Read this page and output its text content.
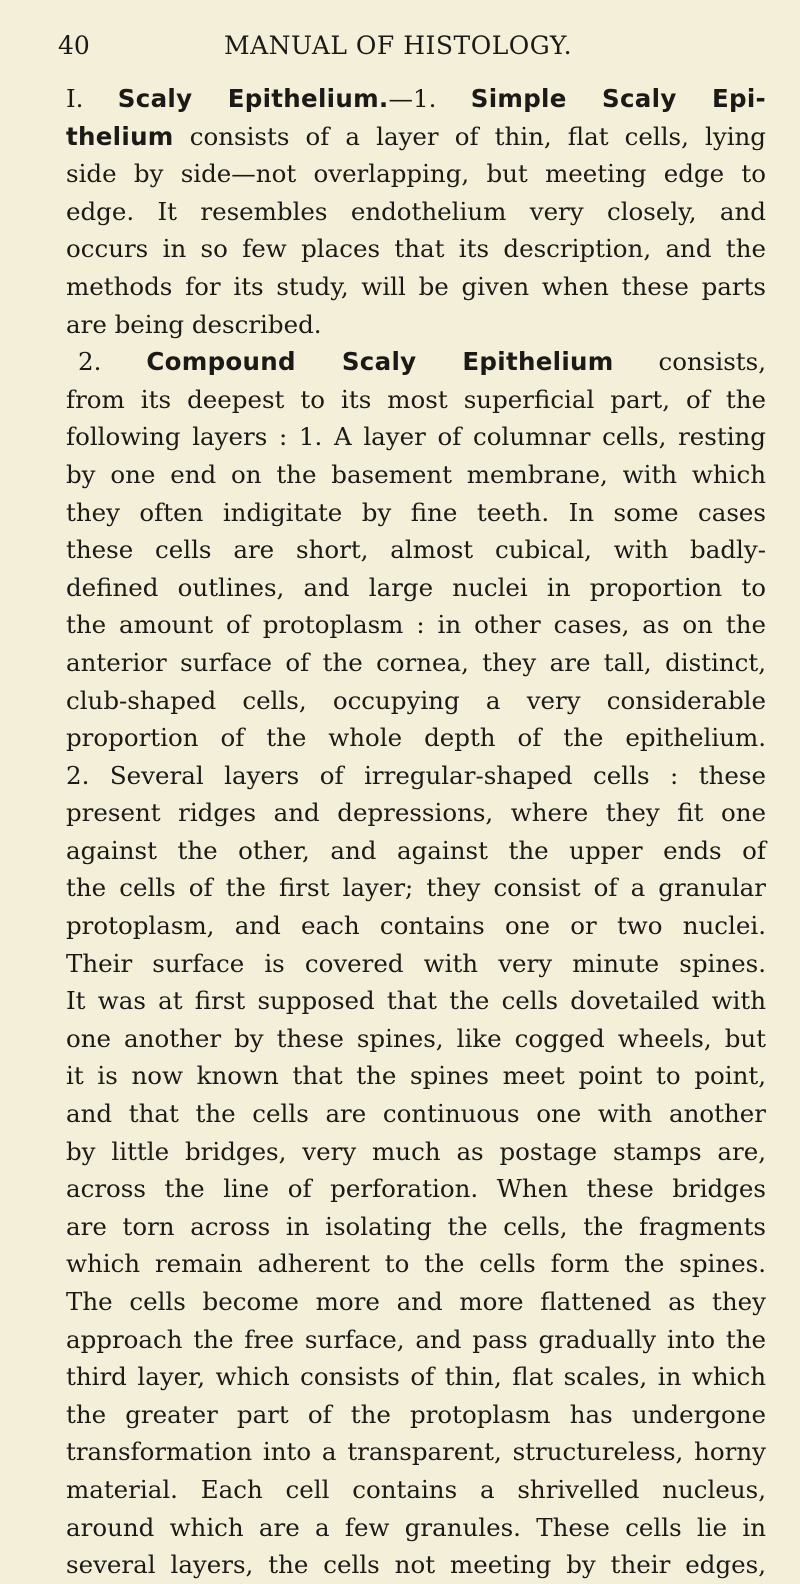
40	MANUAL OF HISTOLOGY.
I. Scaly Epithelium.—1. Simple Scaly Epi-
thelium consists of a layer of thin, flat cells, lying
side by side—not overlapping, but meeting edge to
edge. It resembles endothelium very closely, and
occurs in so few places that its description, and the
methods for its study, will be given when these parts
are being described.
2. Compound Scaly Epithelium consists,
from its deepest to its most superficial part, of the
following layers : 1. A layer of columnar cells, resting
by one end on the basement membrane, with which
they often indigitate by fine teeth. In some cases
these cells are short, almost cubical, with badly-
defined outlines, and large nuclei in proportion to
the amount of protoplasm : in other cases, as on the
anterior surface of the cornea, they are tall, distinct,
club-shaped cells, occupying a very considerable
proportion of the whole depth of the epithelium.
2. Several layers of irregular-shaped cells : these
present ridges and depressions, where they fit one
against the other, and against the upper ends of
the cells of the first layer; they consist of a granular
protoplasm, and each contains one or two nuclei.
Their surface is covered with very minute spines.
It was at first supposed that the cells dovetailed with
one another by these spines, like cogged wheels, but
it is now known that the spines meet point to point,
and that the cells are continuous one with another
by little bridges, very much as postage stamps are,
across the line of perforation. When these bridges
are torn across in isolating the cells, the fragments
which remain adherent to the cells form the spines.
The cells become more and more flattened as they
approach the free surface, and pass gradually into the
third layer, which consists of thin, flat scales, in which
the greater part of the protoplasm has undergone
transformation into a transparent, structureless, horny
material. Each cell contains a shrivelled nucleus,
around which are a few granules. These cells lie in
several layers, the cells not meeting by their edges,
